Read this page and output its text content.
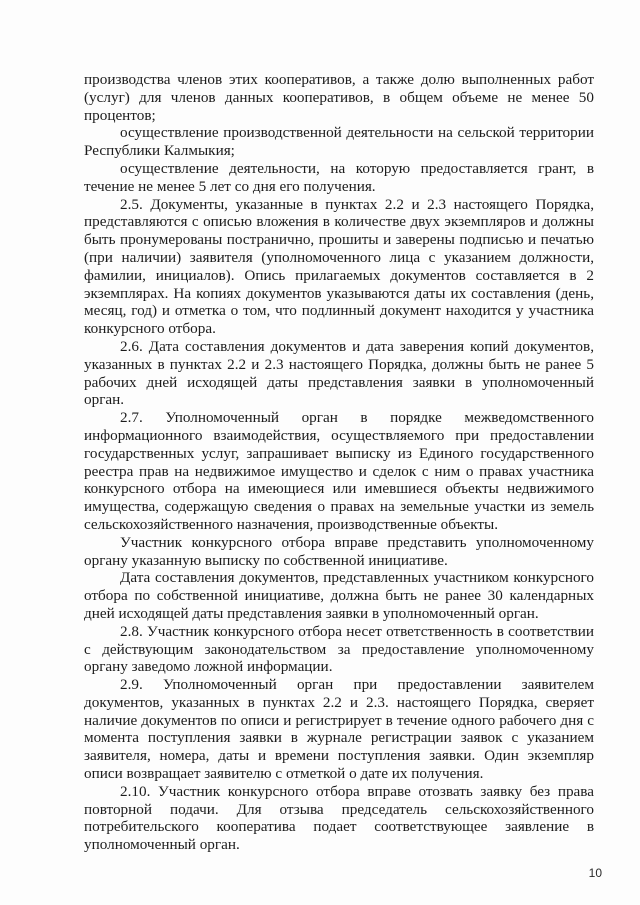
производства членов этих кооперативов, а также долю выполненных работ (услуг) для членов данных кооперативов, в общем объеме не менее 50 процентов;

осуществление производственной деятельности на сельской территории Республики Калмыкия;

осуществление деятельности, на которую предоставляется грант, в течение не менее 5 лет со дня его получения.

2.5. Документы, указанные в пунктах 2.2 и 2.3 настоящего Порядка, представляются с описью вложения в количестве двух экземпляров и должны быть пронумерованы постранично, прошиты и заверены подписью и печатью (при наличии) заявителя (уполномоченного лица с указанием должности, фамилии, инициалов). Опись прилагаемых документов составляется в 2 экземплярах. На копиях документов указываются даты их составления (день, месяц, год) и отметка о том, что подлинный документ находится у участника конкурсного отбора.

2.6. Дата составления документов и дата заверения копий документов, указанных в пунктах 2.2 и 2.3 настоящего Порядка, должны быть не ранее 5 рабочих дней исходящей даты представления заявки в уполномоченный орган.

2.7. Уполномоченный орган в порядке межведомственного информационного взаимодействия, осуществляемого при предоставлении государственных услуг, запрашивает выписку из Единого государственного реестра прав на недвижимое имущество и сделок с ним о правах участника конкурсного отбора на имеющиеся или имевшиеся объекты недвижимого имущества, содержащую сведения о правах на земельные участки из земель сельскохозяйственного назначения, производственные объекты.

Участник конкурсного отбора вправе представить уполномоченному органу указанную выписку по собственной инициативе.

Дата составления документов, представленных участником конкурсного отбора по собственной инициативе, должна быть не ранее 30 календарных дней исходящей даты представления заявки в уполномоченный орган.

2.8. Участник конкурсного отбора несет ответственность в соответствии с действующим законодательством за предоставление уполномоченному органу заведомо ложной информации.

2.9. Уполномоченный орган при предоставлении заявителем документов, указанных в пунктах 2.2 и 2.3. настоящего Порядка, сверяет наличие документов по описи и регистрирует в течение одного рабочего дня с момента поступления заявки в журнале регистрации заявок с указанием заявителя, номера, даты и времени поступления заявки. Один экземпляр описи возвращает заявителю с отметкой о дате их получения.

2.10. Участник конкурсного отбора вправе отозвать заявку без права повторной подачи. Для отзыва председатель сельскохозяйственного потребительского кооператива подает соответствующее заявление в уполномоченный орган.

10
